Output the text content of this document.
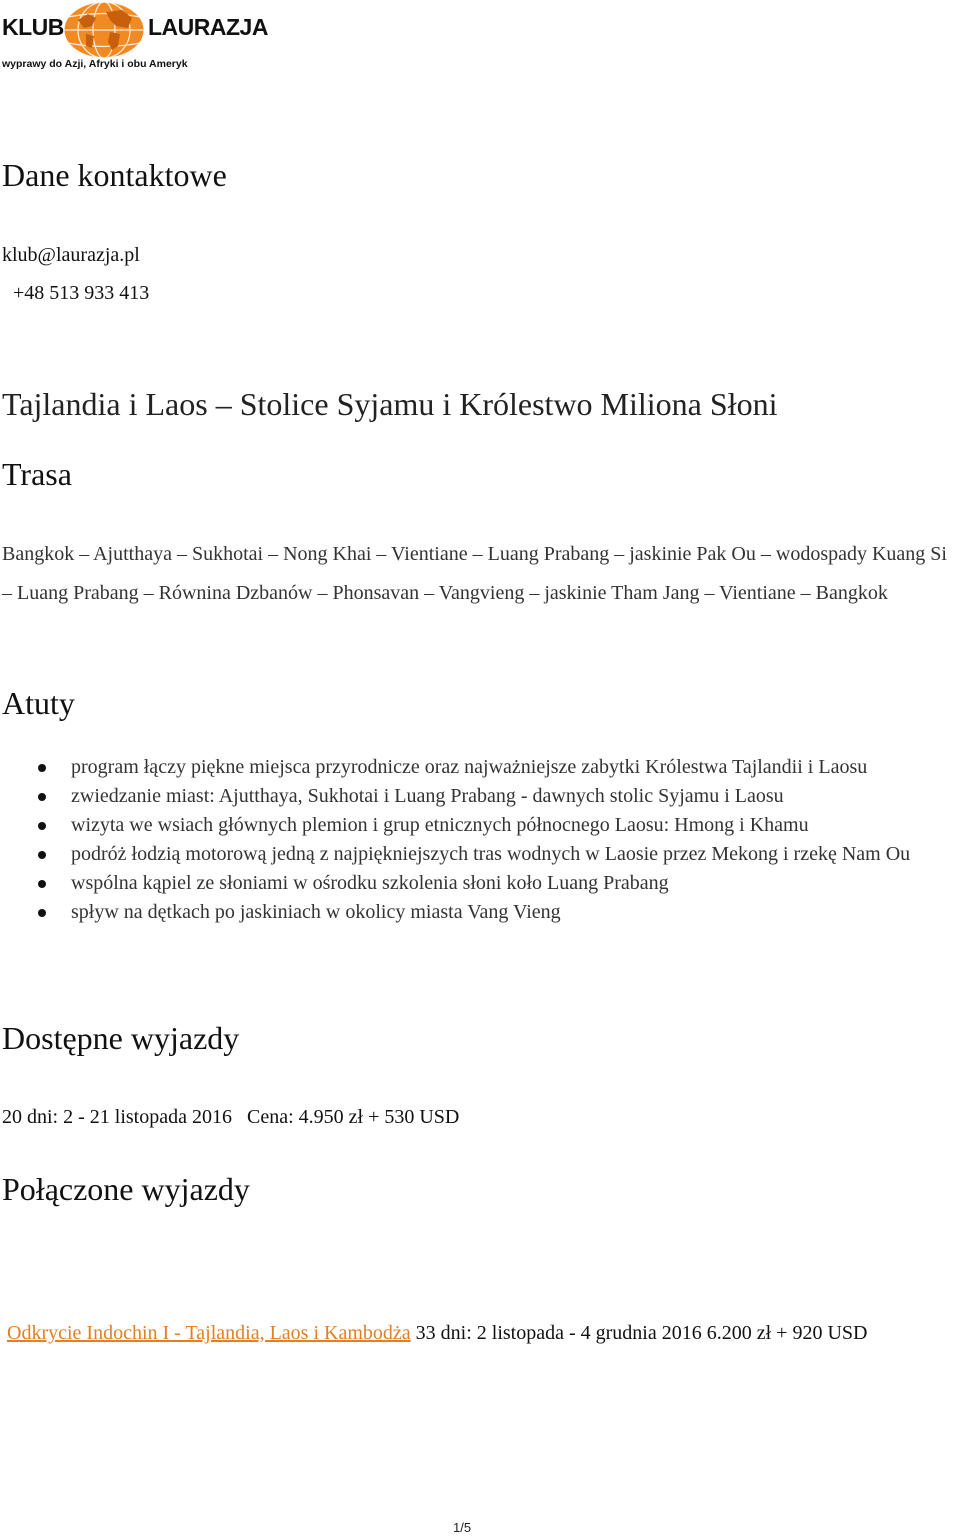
KLUB	LAURAZJA
wyprawy do Azji, Afryki i obu Ameryk
Dane kontaktowe

klub@laurazja.pl

+48 513 933 413

Tajlandia i Laos – Stolice Syjamu i Królestwo Miliona Słoni
Trasa

Bangkok – Ajutthaya – Sukhotai – Nong Khai – Vientiane – Luang Prabang – jaskinie Pak Ou – wodospady Kuang Si – Luang Prabang – Równina Dzbanów – Phonsavan – Vangvieng – jaskinie Tham Jang – Vientiane – Bangkok

Atuty
program łączy piękne miejsca przyrodnicze oraz najważniejsze zabytki Królestwa Tajlandii i Laosu
zwiedzanie miast: Ajutthaya, Sukhotai i Luang Prabang - dawnych stolic Syjamu i Laosu
wizyta we wsiach głównych plemion i grup etnicznych północnego Laosu: Hmong i Khamu
podróż łodzią motorową jedną z najpiękniejszych tras wodnych w Laosie przez Mekong i rzekę Nam Ou
wspólna kąpiel ze słoniami w ośrodku szkolenia słoni koło Luang Prabang
spływ na dętkach po jaskiniach w okolicy miasta Vang Vieng
Dostępne wyjazdy

20 dni: 2 - 21 listopada 2016 Cena: 4.950 zł + 530 USD

Połączone wyjazdy

Odkrycie Indochin I - Tajlandia, Laos i Kambodża 33 dni: 2 listopada - 4 grudnia 2016 6.200 zł + 920 USD

1/5
